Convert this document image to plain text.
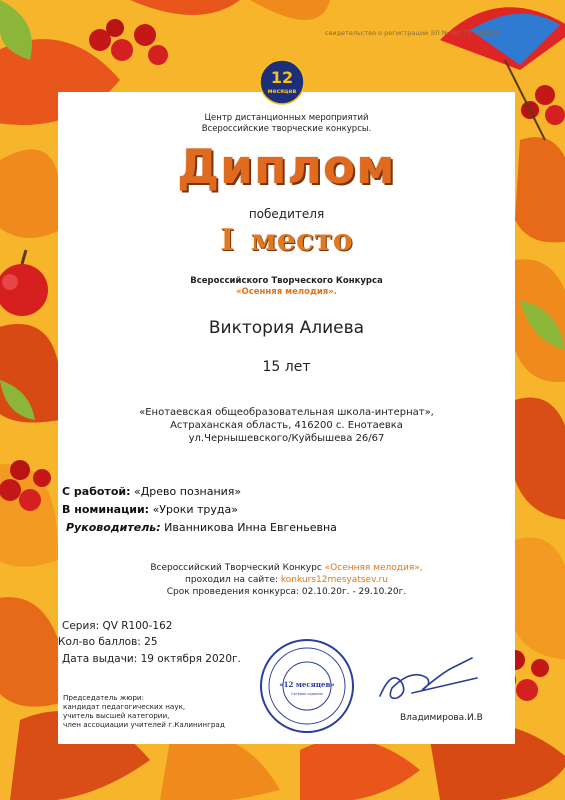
свидетельство о регистрации ЭЛ № ФС 77 - 58251
12
месяцев
Центр дистанционных мероприятий
Всероссийские творческие конкурсы.
Диплом
победителя
I место
Всероссийского Творческого Конкурса
«Осенняя мелодия».
Виктория Алиева
15 лет
«Енотаевская общеобразовательная школа-интернат»,
Астраханская область, 416200 с. Енотаевка
ул.Чернышевского/Куйбышева 26/67
С работой: «Древо познания»
В номинации: «Уроки труда»
Руководитель: Иванникова Инна Евгеньевна
Всероссийский Творческий Конкурс «Осенняя мелодия»,
проходил на сайте: konkurs12mesyatsev.ru
Срок проведения конкурса: 02.10.20г. - 29.10.20г.
Серия: QV R100-162
Кол-во баллов: 25
Дата выдачи: 19 октября 2020г.
Председатель жюри:
кандидат педагогических наук,
учитель высшей категории,
член ассоциации учителей г.Калининград
«12 месяцев»
Сетевое издание
Владимирова.И.В
